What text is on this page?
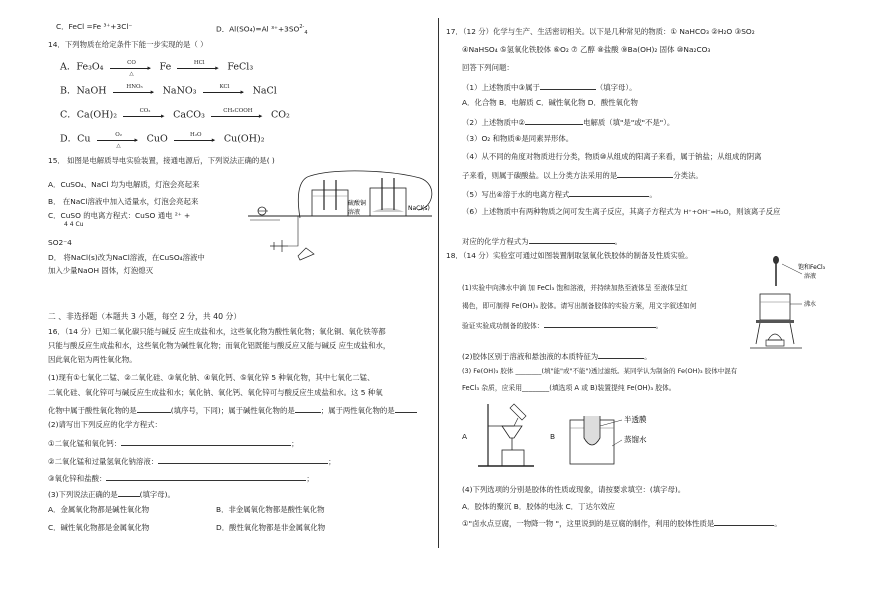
C．FeCl =Fe ³⁺+3Cl⁻	D．Al(SO₄)=Al $^{3+}+3SO^{2-}_4$
14．下列物质在给定条件下能一步实现的是（ ）
A．Fe₃O₄	CO
▸
△
Fe	HCl
▸ FeCl₃
B．NaOH	HNO₃
▸ NaNO₃	KCl
▸ NaCl
C．Ca(OH)₂	CO₂
▸ CaCO₃	CH₃COOH
▸ CO₂
D．Cu	O₂
▸
△
CuO	H₂O
▸ Cu(OH)₂
15． 如图是电解质导电实验装置，接通电源后，下列说法正确的是( )
A．CuSO₄、NaCl 均为电解质，灯泡会亮起来
B． 在NaCl溶液中加入适量水，灯泡会亮起来
C．CuSO 的电离方程式：CuSO 通电 ²⁺ +
4 4 Cu
SO2⁻4
D． 将NaCl(s)改为NaCl溶液，在CuSO₄溶液中
加入少量NaOH 固体，灯泡熄灭
硫酸铜
溶液
NaCl(s)
二 、非选择题（本题共 3 小题，每空 2 分，共 40 分）
16．（14 分）已知二氧化碳只能与碱反 应生成盐和水，这些氧化物为酸性氧化物；氧化铜、氧化铁等都
只能与酸反应生成盐和水，这些氧化物为碱性氧化物；而氧化铝既能与酸反应又能与碱反 应生成盐和水，
因此氧化铝为两性氧化物。
(1)现有①七氧化二锰、②二氧化硅、③氧化钠、④氧化钙、⑤氧化锌 5 种氧化物，其中七氧化二锰、
二氧化硅、氧化锌可与碱反应生成盐和水；氧化钠、氧化钙、氧化锌可与酸反应生成盐和水。这 5 种氧
化物中属于酸性氧化物的是	(填序号，下同)；属于碱性氧化物的是	；属于两性氧化物的是
(2)请写出下列反应的化学方程式：
①二氧化锰和氧化钙：	；
②二氧化锰和过量氢氧化钠溶液：	；
③氧化锌和盐酸：	；
(3)下列说法正确的是	(填字母)。
A．金属氧化物都是碱性氧化物	B．非金属氧化物都是酸性氧化物
C．碱性氧化物都是金属氧化物	D．酸性氧化物都是非金属氧化物
17．（12 分）化学与生产、生活密切相关。以下是几种常见的物质：① NaHCO₃ ②H₂O ③SO₂
④NaHSO₄ ⑤氢氧化铁胶体 ⑥O₂ ⑦ 乙醇 ⑧盐酸 ⑨Ba(OH)₂ 固体 ⑩Na₂CO₃
回答下列问题：
（1）上述物质中③属于	（填字母）。
A．化合物 B．电解质 C．碱性氧化物 D．酸性氧化物
（2）上述物质中②	电解质（填"是"或"不是"）。
（3）O₂ 和物质⑥是同素异形体。
（4）从不同的角度对物质进行分类，物质⑩从组成的阳离子来看，属于钠盐；从组成的阴离
子来看，则属于碳酸盐。以上分类方法采用的是	分类法。
（5）写出④溶于水的电离方程式	。
（6）上述物质中有两种物质之间可发生离子反应，其离子方程式为 H⁺+OH⁻=H₂O，则该离子反应
对应的化学方程式为	。
18．（14 分）实验室可通过如图装置制取氢氧化铁胶体的制备及性质实验。
(1)实验中向沸水中滴 加 FeCl₃ 饱和溶液，并持续加热至液体呈 至液体呈红
褐色，即可制得 Fe(OH)₃ 胶体。请写出制备胶体的实验方案，用文字叙述如何
验证实验成功制备的胶体：	。
(2)胶体区别于溶液和悬浊液的本质特征为	。
(3) Fe(OH)₃ 胶体 ________(填"能"或"不能")透过滤纸。某同学认为制备的 Fe(OH)₃ 胶体中混有
FeCl₃ 杂质，应采用________(填选项 A 或 B)装置提纯 Fe(OH)₃ 胶体。
饱和FeCl₃
溶液
沸水
A	B
半透膜
蒸馏水
(4)下列选项的分别是胶体的性质或现象，请按要求填空：(填字母)。
A．胶体的聚沉 B．胶体的电泳 C．丁达尔效应
①"卤水点豆腐，一物降一物 "，这里说到的是豆腐的制作，利用的胶体性质是	。
